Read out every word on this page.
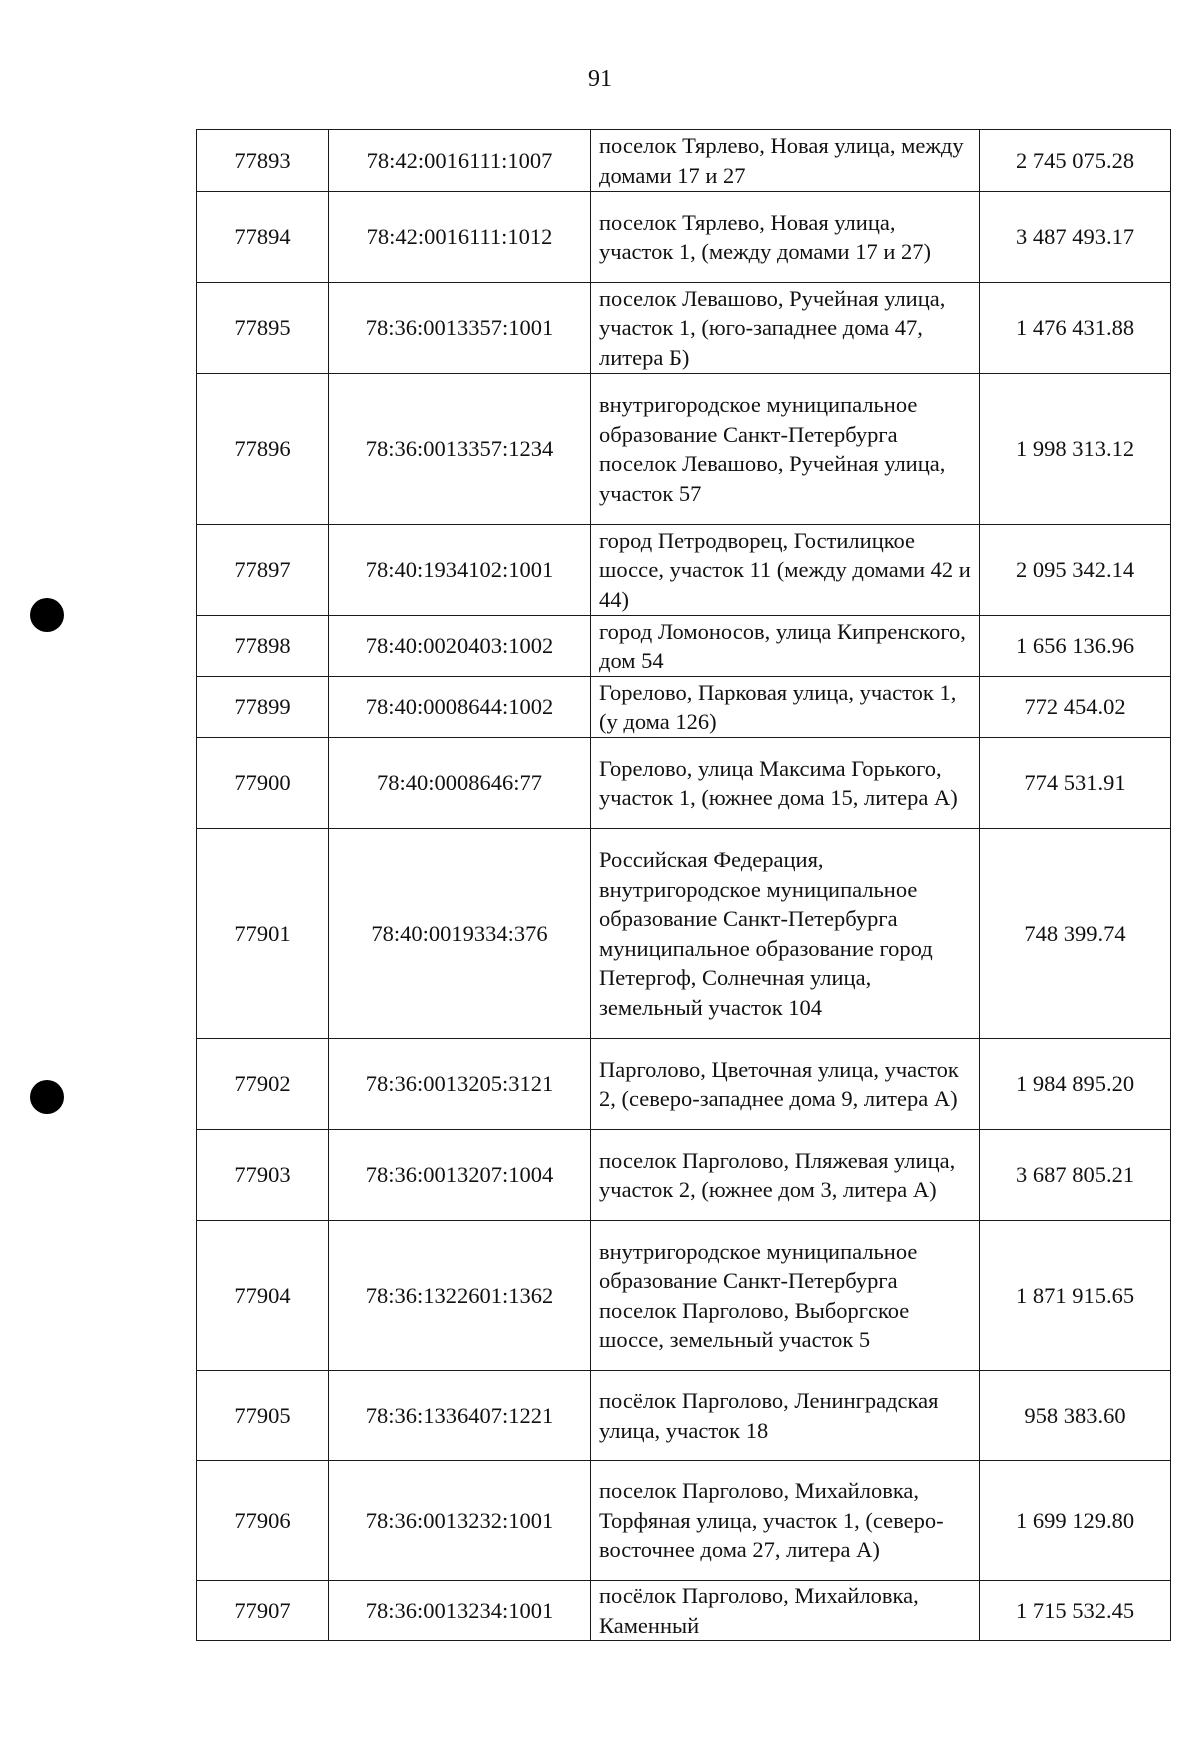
91
77893	78:42:0016111:1007	поселок Тярлево, Новая улица, между домами 17 и 27	2 745 075.28
77894	78:42:0016111:1012	поселок Тярлево, Новая улица, участок 1, (между домами 17 и 27)	3 487 493.17
77895	78:36:0013357:1001	поселок Левашово, Ручейная улица, участок 1, (юго-западнее дома 47, литера Б)	1 476 431.88
77896	78:36:0013357:1234	внутригородское муниципальное образование Санкт-Петербурга поселок Левашово, Ручейная улица, участок 57	1 998 313.12
77897	78:40:1934102:1001	город Петродворец, Гостилицкое шоссе, участок 11 (между домами 42 и 44)	2 095 342.14
77898	78:40:0020403:1002	город Ломоносов, улица Кипренского, дом 54	1 656 136.96
77899	78:40:0008644:1002	Горелово, Парковая улица, участок 1, (у дома 126)	772 454.02
77900	78:40:0008646:77	Горелово, улица Максима Горького, участок 1, (южнее дома 15, литера А)	774 531.91
77901	78:40:0019334:376	Российская Федерация, внутригородское муниципальное образование Санкт-Петербурга муниципальное образование город Петергоф, Солнечная улица, земельный участок 104	748 399.74
77902	78:36:0013205:3121	Парголово, Цветочная улица, участок 2, (северо-западнее дома 9, литера А)	1 984 895.20
77903	78:36:0013207:1004	поселок Парголово, Пляжевая улица, участок 2, (южнее дом 3, литера А)	3 687 805.21
77904	78:36:1322601:1362	внутригородское муниципальное образование Санкт-Петербурга поселок Парголово, Выборгское шоссе, земельный участок 5	1 871 915.65
77905	78:36:1336407:1221	посёлок Парголово, Ленинградская улица, участок 18	958 383.60
77906	78:36:0013232:1001	поселок Парголово, Михайловка, Торфяная улица, участок 1, (северо-восточнее дома 27, литера А)	1 699 129.80
77907	78:36:0013234:1001	посёлок Парголово, Михайловка, Каменный	1 715 532.45
